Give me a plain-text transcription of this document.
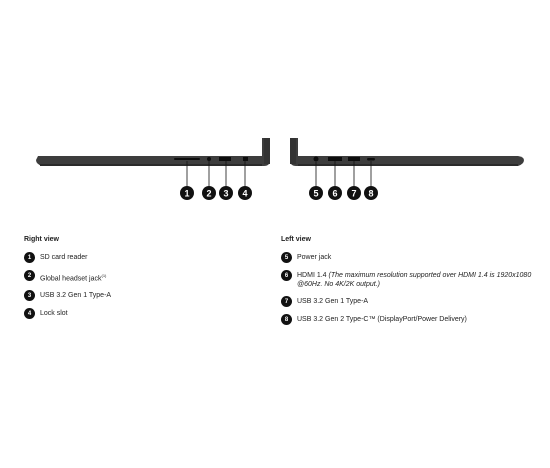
1 2 3 4	5 6 7 8
Right view
1	SD card reader
2	Global headset jack$^{(1)}$
3	USB 3.2 Gen 1 Type-A
4	Lock slot
Left view
5	Power jack
6	HDMI 1.4 (The maximum resolution supported over HDMI 1.4 is 1920x1080 @60Hz. No 4K/2K output.)
7	USB 3.2 Gen 1 Type-A
8	USB 3.2 Gen 2 Type-C™ (DisplayPort/Power Delivery)
